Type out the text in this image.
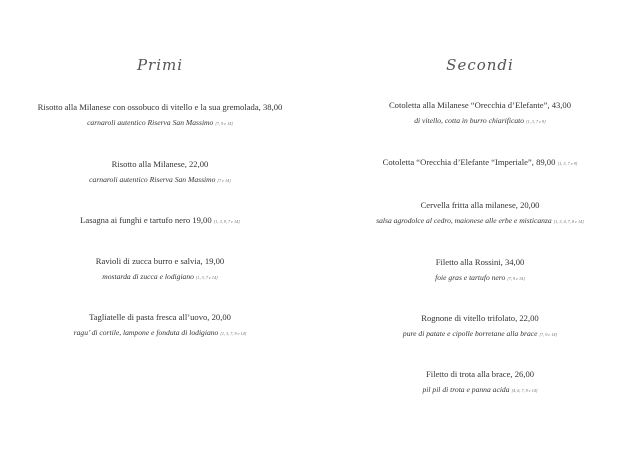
Primi
Risotto alla Milanese con ossobuco di vitello e la sua gremolada, 38,00
carnaroli autentico Riserva San Massimo [7, 9 e 14]
Risotto alla Milanese, 22,00
carnaroli autentico Riserva San Massimo [7 e 14]
Lasagna ai funghi e tartufo nero 19,00 [1, 3, 9, 7 e 14]
Ravioli di zucca burro e salvia, 19,00
mostarda di zucca e lodigiano [1, 3, 7 e 14]
Tagliatelle di pasta fresca all’uovo, 20,00
ragu’ di cortile, lampone e fonduta di lodigiano [1, 3, 7, 9 e 14]
Secondi
Cotoletta alla Milanese “Orecchia d’Elefante”, 43,00
di vitello, cotta in burro chiarificato [1, 3, 7 e 9]
Cotoletta “Orecchia d’Elefante “Imperiale”, 89,00 [1, 3, 7 e 9]
Cervella fritta alla milanese, 20,00
salsa agrodolce al cedro, maionese alle erbe e misticanza [1, 3, 4, 7, 8 e 14]
Filetto alla Rossini, 34,00
foie gras e tartufo nero [7, 9 e 14]
Rognone di vitello trifolato, 22,00
pure di patate e cipolle borretane alla brace [7, 9 e 14]
Filetto di trota alla brace, 26,00
pil pil di trota e panna acida [4, 6, 7, 9 e 14]
